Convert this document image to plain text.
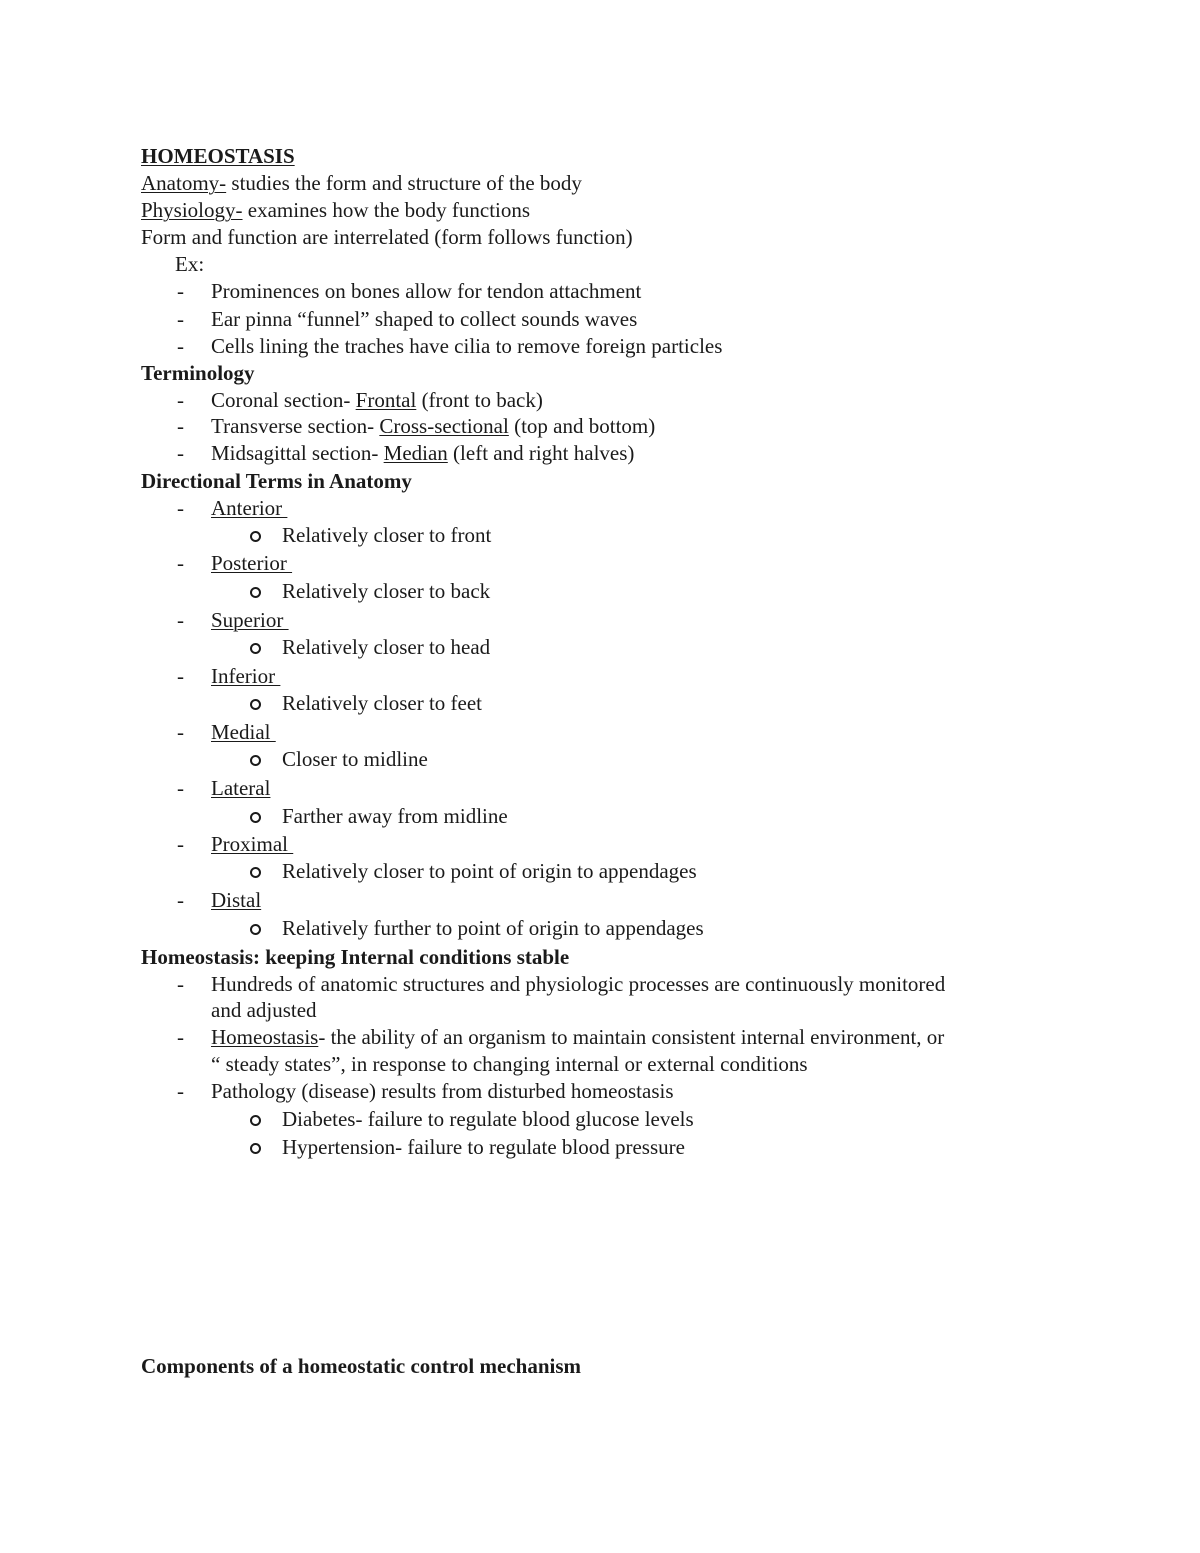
HOMEOSTASIS
Anatomy- studies the form and structure of the body
Physiology- examines how the body functions
Form and function are interrelated (form follows function)
Ex:
- Prominences on bones allow for tendon attachment
- Ear pinna “funnel” shaped to collect sounds waves
- Cells lining the traches have cilia to remove foreign particles
Terminology
- Coronal section- Frontal (front to back)
- Transverse section- Cross-sectional (top and bottom)
- Midsagittal section- Median (left and right halves)
Directional Terms in Anatomy
- Anterior
Relatively closer to front
- Posterior
Relatively closer to back
- Superior
Relatively closer to head
- Inferior
Relatively closer to feet
- Medial
Closer to midline
- Lateral
Farther away from midline
- Proximal
Relatively closer to point of origin to appendages
- Distal
Relatively further to point of origin to appendages
Homeostasis: keeping Internal conditions stable
- Hundreds of anatomic structures and physiologic processes are continuously monitored
and adjusted
- Homeostasis- the ability of an organism to maintain consistent internal environment, or
“ steady states”, in response to changing internal or external conditions
- Pathology (disease) results from disturbed homeostasis
Diabetes- failure to regulate blood glucose levels
Hypertension- failure to regulate blood pressure
Components of a homeostatic control mechanism
